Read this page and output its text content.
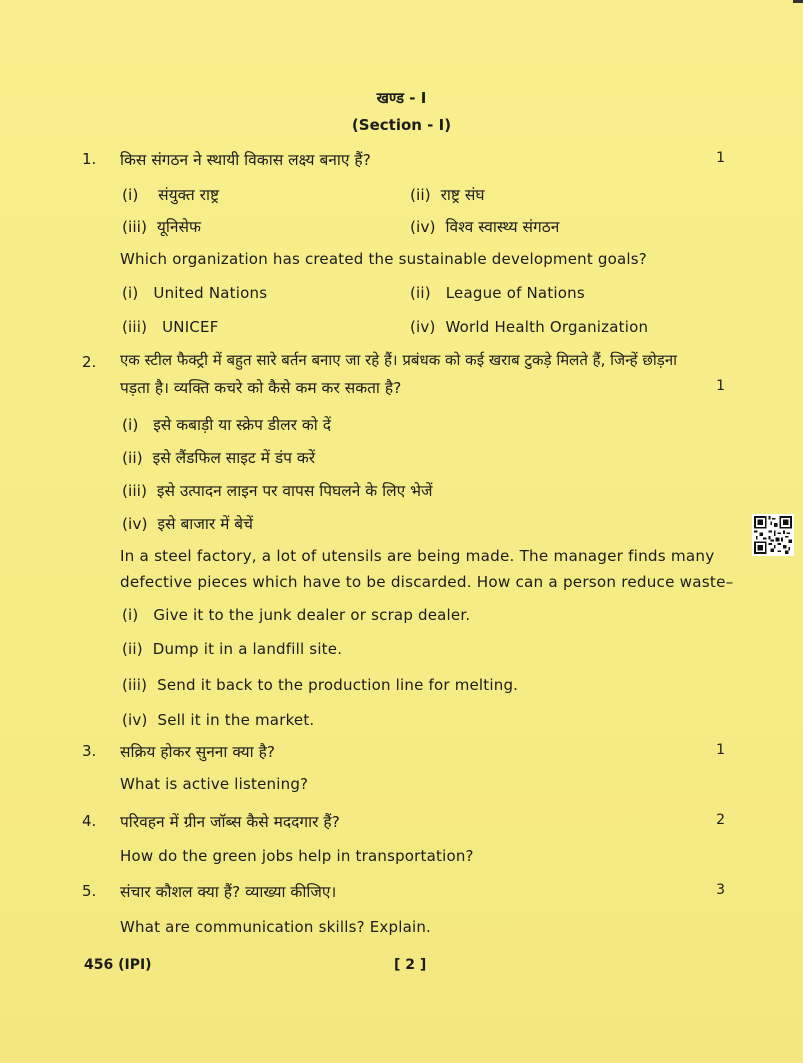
खण्ड - I
(Section - I)
1. किस संगठन ने स्थायी विकास लक्ष्य बनाए हैं?	1
(i) संयुक्त राष्ट्र	(ii) राष्ट्र संघ
(iii) यूनिसेफ	(iv) विश्व स्वास्थ्य संगठन
Which organization has created the sustainable development goals?
(i) United Nations	(ii) League of Nations
(iii) UNICEF	(iv) World Health Organization
2. एक स्टील फैक्ट्री में बहुत सारे बर्तन बनाए जा रहे हैं। प्रबंधक को कई खराब टुकड़े मिलते हैं, जिन्हें छोड़ना
पड़ता है। व्यक्ति कचरे को कैसे कम कर सकता है?	1
(i) इसे कबाड़ी या स्क्रेप डीलर को दें
(ii) इसे लैंडफिल साइट में डंप करें
(iii) इसे उत्पादन लाइन पर वापस पिघलने के लिए भेजें
(iv) इसे बाजार में बेचें
In a steel factory, a lot of utensils are being made. The manager finds many
defective pieces which have to be discarded. How can a person reduce waste–
(i) Give it to the junk dealer or scrap dealer.
(ii) Dump it in a landfill site.
(iii) Send it back to the production line for melting.
(iv) Sell it in the market.
3. सक्रिय होकर सुनना क्या है?	1
What is active listening?
4. परिवहन में ग्रीन जॉब्स कैसे मददगार हैं?	2
How do the green jobs help in transportation?
5. संचार कौशल क्या हैं? व्याख्या कीजिए।	3
What are communication skills? Explain.
456 (IPI)	[ 2 ]
